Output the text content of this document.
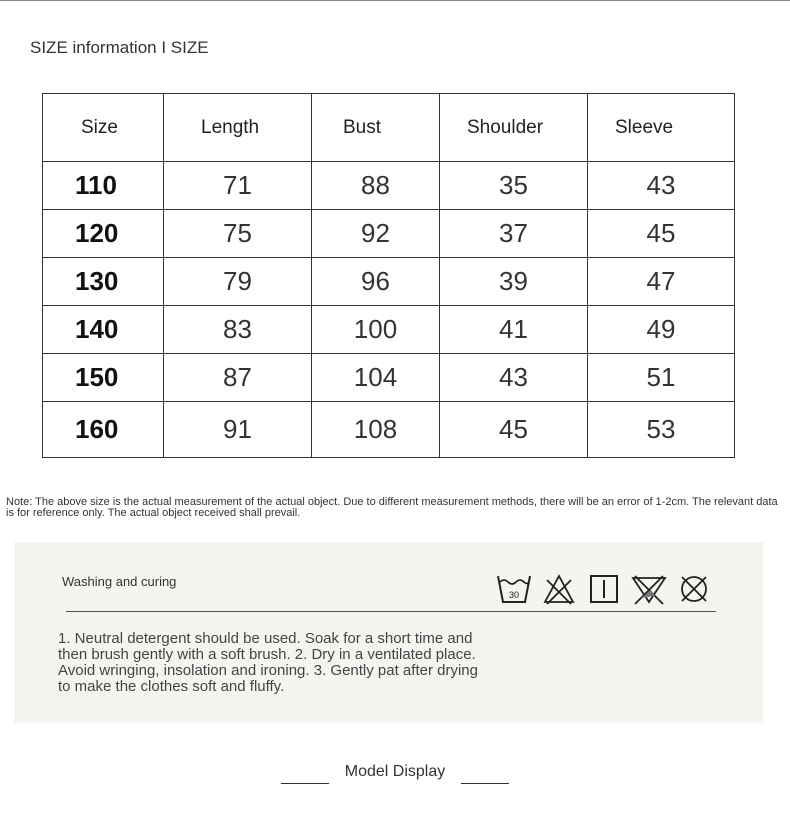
SIZE information I SIZE
Size	Length	Bust	Shoulder	Sleeve
110	71	88	35	43
120	75	92	37	45
130	79	96	39	47
140	83	100	41	49
150	87	104	43	51
160	91	108	45	53
Note: The above size is the actual measurement of the actual object. Due to different measurement methods, there will be an error of 1-2cm. The relevant data is for reference only. The actual object received shall prevail.
Washing and curing
30
1. Neutral detergent should be used. Soak for a short time and then brush gently with a soft brush. 2. Dry in a ventilated place. Avoid wringing, insolation and ironing. 3. Gently pat after drying to make the clothes soft and fluffy.
Model Display
